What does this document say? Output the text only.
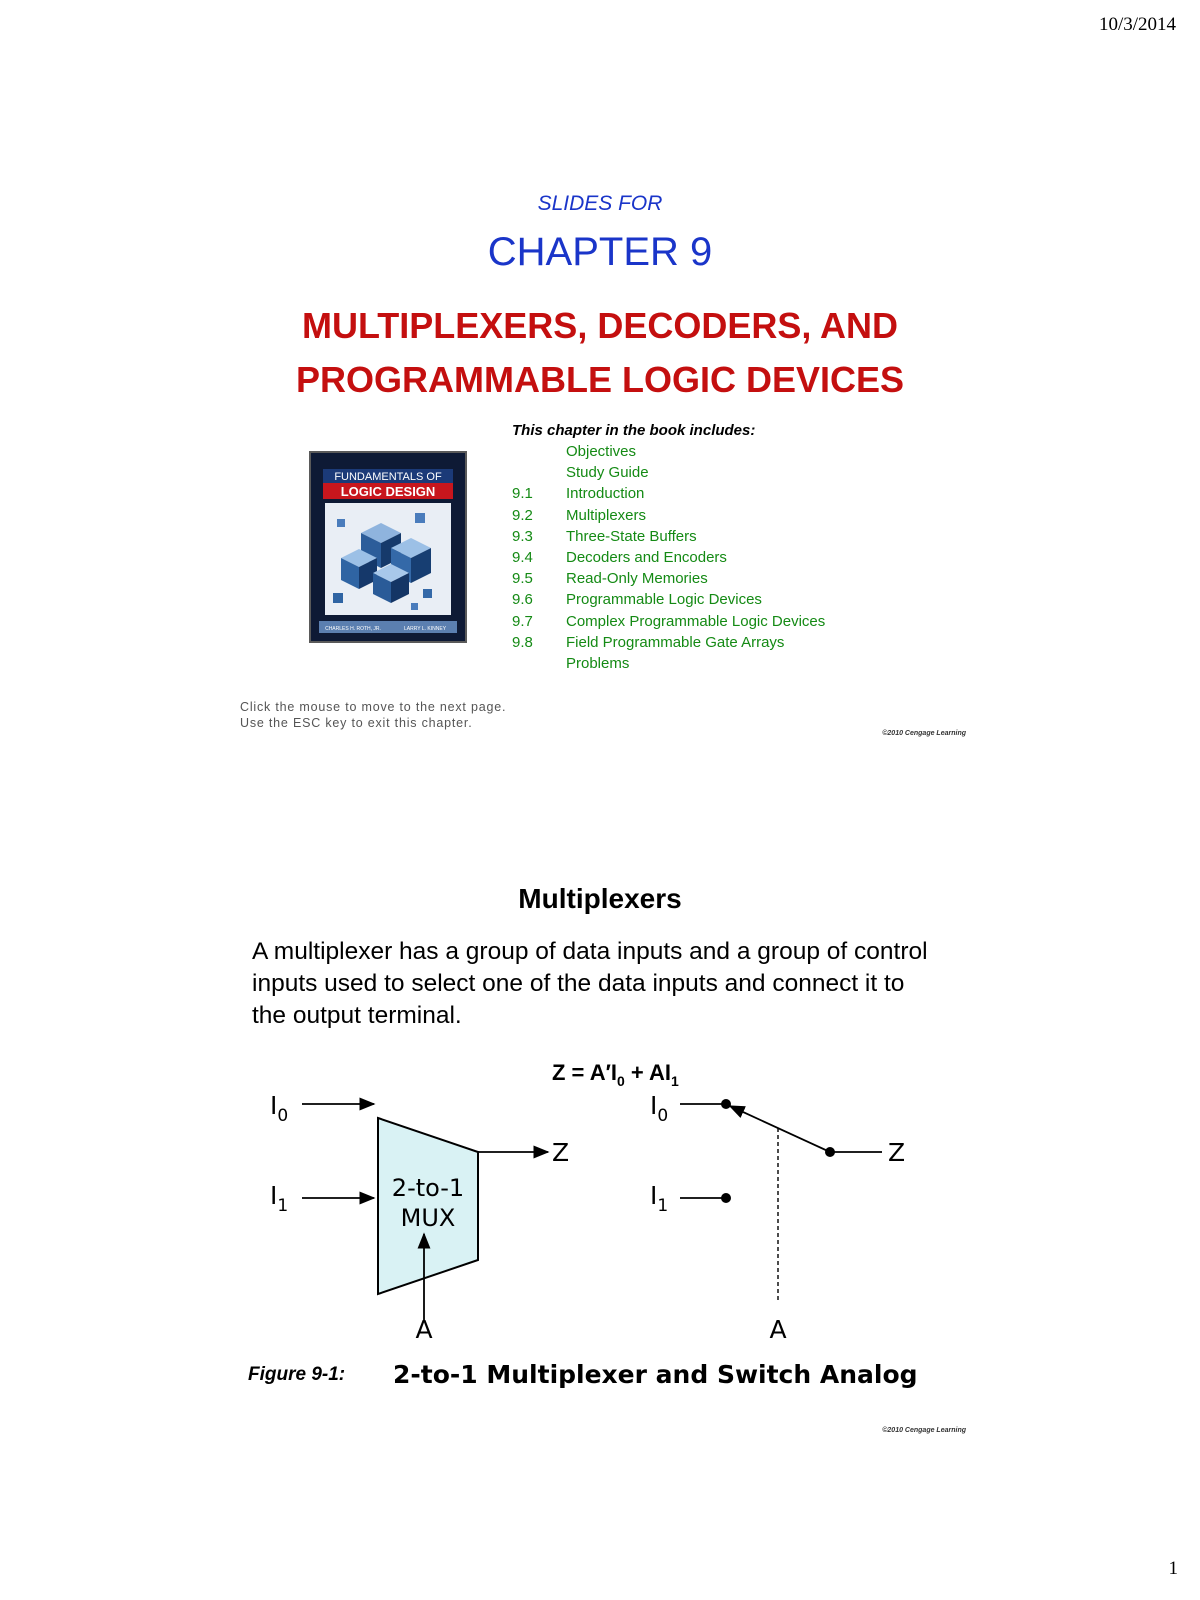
10/3/2014
SLIDES FOR
CHAPTER 9
MULTIPLEXERS, DECODERS, AND
PROGRAMMABLE LOGIC DEVICES
FUNDAMENTALS OF
LOGIC DESIGN
CHARLES H. ROTH, JR.	LARRY L. KINNEY
This chapter in the book includes:
Objectives
Study Guide
9.1 Introduction
9.2 Multiplexers
9.3 Three-State Buffers
9.4 Decoders and Encoders
9.5 Read-Only Memories
9.6 Programmable Logic Devices
9.7 Complex Programmable Logic Devices
9.8 Field Programmable Gate Arrays
Problems
Click the mouse to move to the next page.
Use the ESC key to exit this chapter.
©2010 Cengage Learning
Multiplexers
A multiplexer has a group of data inputs and a group of control inputs used to select one of the data inputs and connect it to the output terminal.
$Z = A'I_0 + AI_1$
2-to-1
MUX
$I_0$
$I_1$
Z
A
$I_0$
$I_1$
Z
A
Figure 9-1: 2-to-1 Multiplexer and Switch Analog
©2010 Cengage Learning
1
